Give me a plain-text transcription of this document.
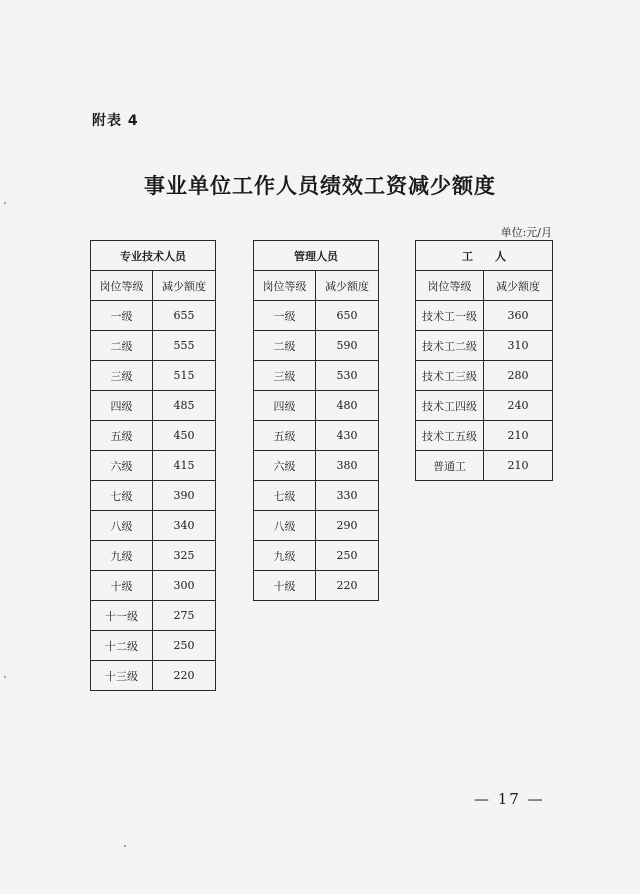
附表 4
事业单位工作人员绩效工资减少额度
单位:元/月
专业技术人员	
岗位等级	减少额度
一级	655
二级	555
三级	515
四级	485
五级	450
六级	415
七级	390
八级	340
九级	325
十级	300
十一级	275
十二级	250
十三级	220
管理人员	
岗位等级	减少额度
一级	650
二级	590
三级	530
四级	480
五级	430
六级	380
七级	330
八级	290
九级	250
十级	220
工　　人	
岗位等级	减少额度
技术工一级	360
技术工二级	310
技术工三级	280
技术工四级	240
技术工五级	210
普通工	210
— 17 —
